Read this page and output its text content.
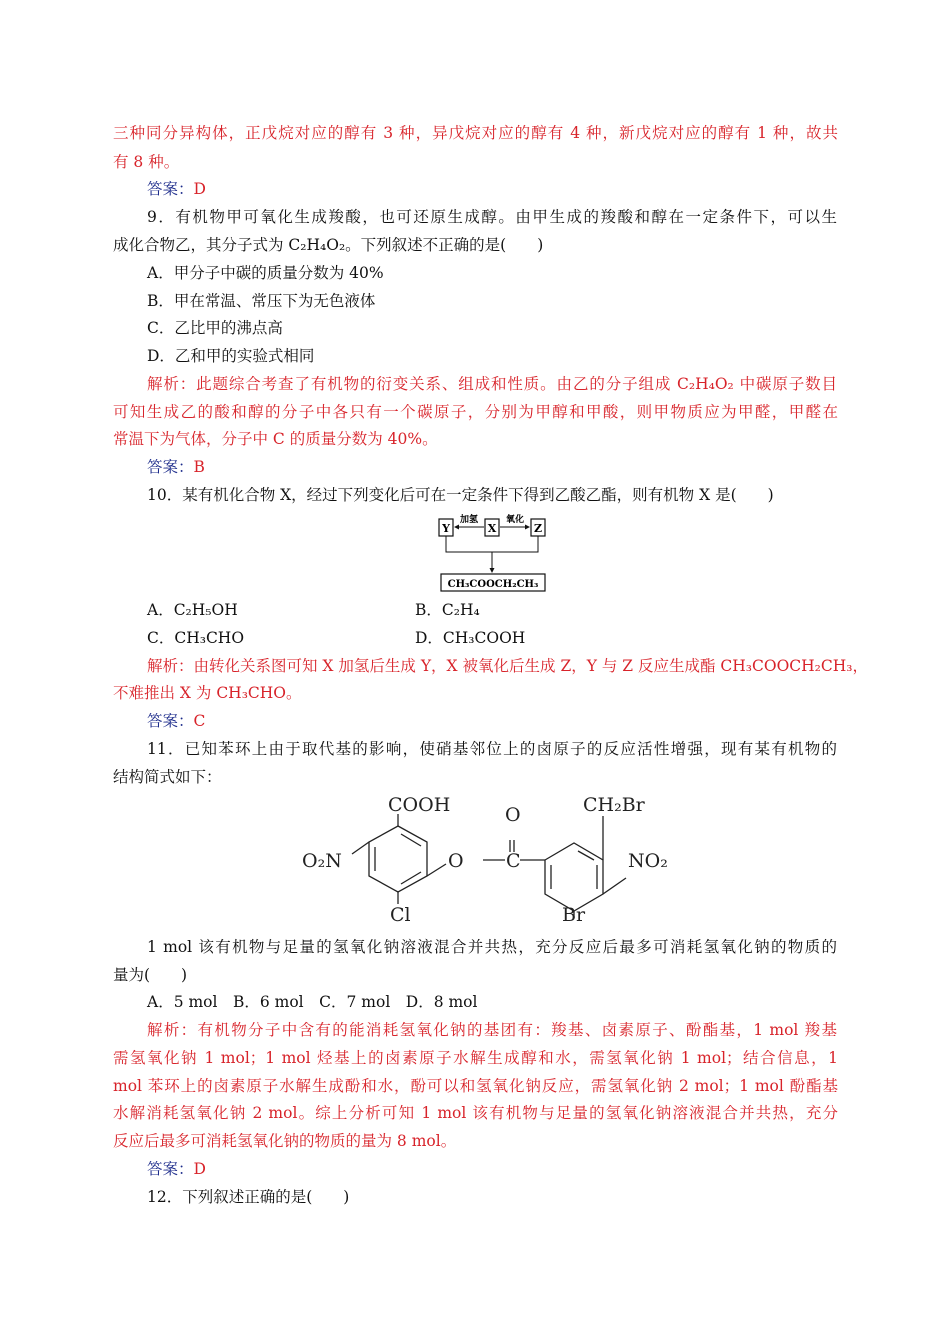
三种同分异构体，正戊烷对应的醇有 3 种，异戊烷对应的醇有 4 种，新戊烷对应的醇有 1 种，故共
有 8 种。
答案：D
9．有机物甲可氧化生成羧酸，也可还原生成醇。由甲生成的羧酸和醇在一定条件下，可以生
成化合物乙，其分子式为 C₂H₄O₂。下列叙述不正确的是(　　)
A．甲分子中碳的质量分数为 40%
B．甲在常温、常压下为无色液体
C．乙比甲的沸点高
D．乙和甲的实验式相同
解析：此题综合考查了有机物的衍变关系、组成和性质。由乙的分子组成 C₂H₄O₂ 中碳原子数目
可知生成乙的酸和醇的分子中各只有一个碳原子，分别为甲醇和甲酸，则甲物质应为甲醛，甲醛在
常温下为气体，分子中 C 的质量分数为 40%。
答案：B
10．某有机化合物 X，经过下列变化后可在一定条件下得到乙酸乙酯，则有机物 X 是(　　)
Y	X	Z
加氢	氧化
CH₃COOCH₂CH₃
A．C₂H₅OH	B．C₂H₄
C．CH₃CHO	D．CH₃COOH
解析：由转化关系图可知 X 加氢后生成 Y，X 被氧化后生成 Z，Y 与 Z 反应生成酯 CH₃COOCH₂CH₃，
不难推出 X 为 CH₃CHO。
答案：C
11．已知苯环上由于取代基的影响，使硝基邻位上的卤原子的反应活性增强，现有某有机物的
结构简式如下：
COOH
O₂N
Cl
O C
O	CH₂Br
NO₂
Br
1 mol 该有机物与足量的氢氧化钠溶液混合并共热，充分反应后最多可消耗氢氧化钠的物质的
量为(　　)
A．5 mol　B．6 mol　C．7 mol　D．8 mol
解析：有机物分子中含有的能消耗氢氧化钠的基团有：羧基、卤素原子、酚酯基，1 mol 羧基
需氢氧化钠 1 mol；1 mol 烃基上的卤素原子水解生成醇和水，需氢氧化钠 1 mol；结合信息，1
mol 苯环上的卤素原子水解生成酚和水，酚可以和氢氧化钠反应，需氢氧化钠 2 mol；1 mol 酚酯基
水解消耗氢氧化钠 2 mol。综上分析可知 1 mol 该有机物与足量的氢氧化钠溶液混合并共热，充分
反应后最多可消耗氢氧化钠的物质的量为 8 mol。
答案：D
12．下列叙述正确的是(　　)
